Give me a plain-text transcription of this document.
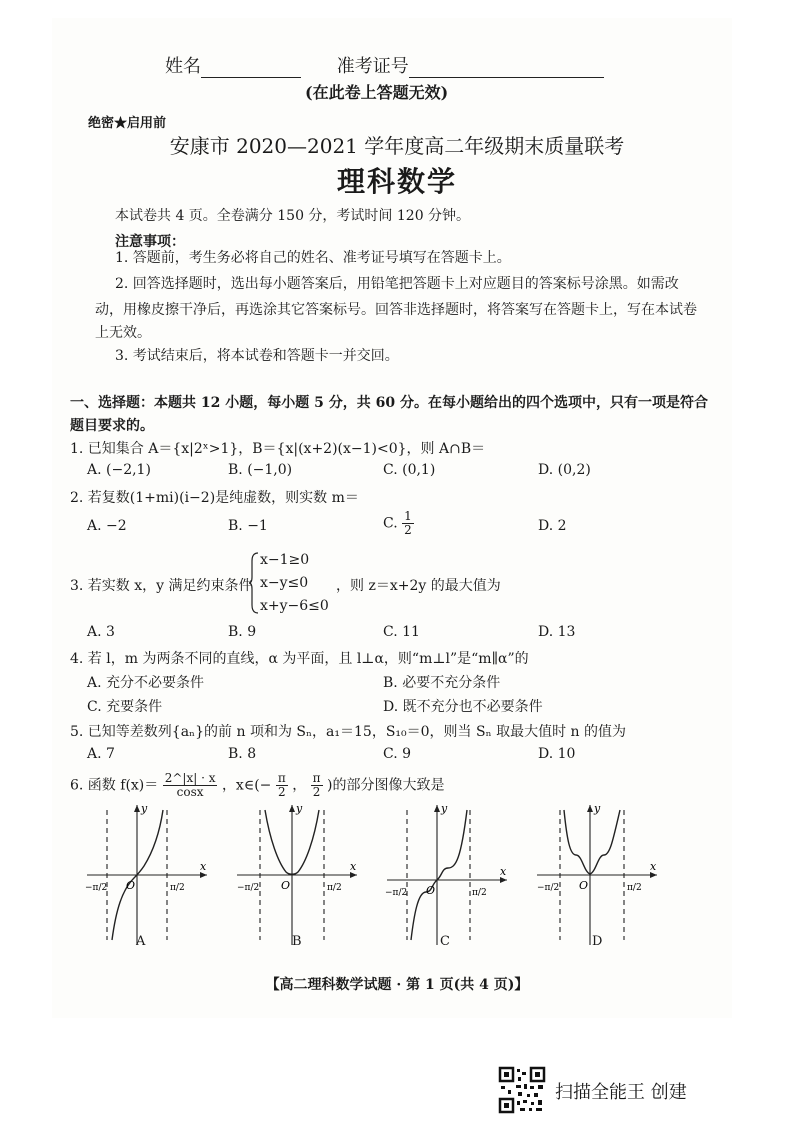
姓名	准考证号
(在此卷上答题无效)
绝密★启用前
安康市 2020—2021 学年度高二年级期末质量联考
理科数学
本试卷共 4 页。全卷满分 150 分，考试时间 120 分钟。
注意事项：
1. 答题前，考生务必将自己的姓名、准考证号填写在答题卡上。
2. 回答选择题时，选出每小题答案后，用铅笔把答题卡上对应题目的答案标号涂黑。如需改
动，用橡皮擦干净后，再选涂其它答案标号。回答非选择题时，将答案写在答题卡上，写在本试卷
上无效。
3. 考试结束后，将本试卷和答题卡一并交回。
一、选择题：本题共 12 小题，每小题 5 分，共 60 分。在每小题给出的四个选项中，只有一项是符合
题目要求的。
1. 已知集合 A＝{x|2ˣ>1}，B＝{x|(x+2)(x−1)<0}，则 A∩B＝
A. (−2,1)	B. (−1,0)	C. (0,1)	D. (0,2)
2. 若复数(1+mi)(i−2)是纯虚数，则实数 m＝
A. −2	B. −1	C. $\frac{1}{2}$	D. 2
3. 若实数 x，y 满足约束条件
x−1≥0
x−y≤0
x+y−6≤0
，则 z＝x+2y 的最大值为
A. 3	B. 9	C. 11	D. 13
4. 若 l，m 为两条不同的直线，α 为平面，且 l⊥α，则“m⊥l”是“m∥α”的
A. 充分不必要条件	B. 必要不充分条件
C. 充要条件	D. 既不充分也不必要条件
5. 已知等差数列{aₙ}的前 n 项和为 Sₙ，a₁＝15，S₁₀＝0，则当 Sₙ 取最大值时 n 的值为
A. 7	B. 8	C. 9	D. 10
6. 函数 $f(x)= \frac{2\^{}|x| \cdot x}{\cos x}$ ，x∈(− $\frac{\pi}{2}$ ， $\frac{\pi}{2}$ )的部分图像大致是
x
y
O
−π/2	π/2
A
x
y
O
−π/2	π/2
B
x
y
O
−π/2	π/2
C
x
y
O
−π/2	π/2
D
【高二理科数学试题 · 第 1 页(共 4 页)】
扫描全能王 创建
